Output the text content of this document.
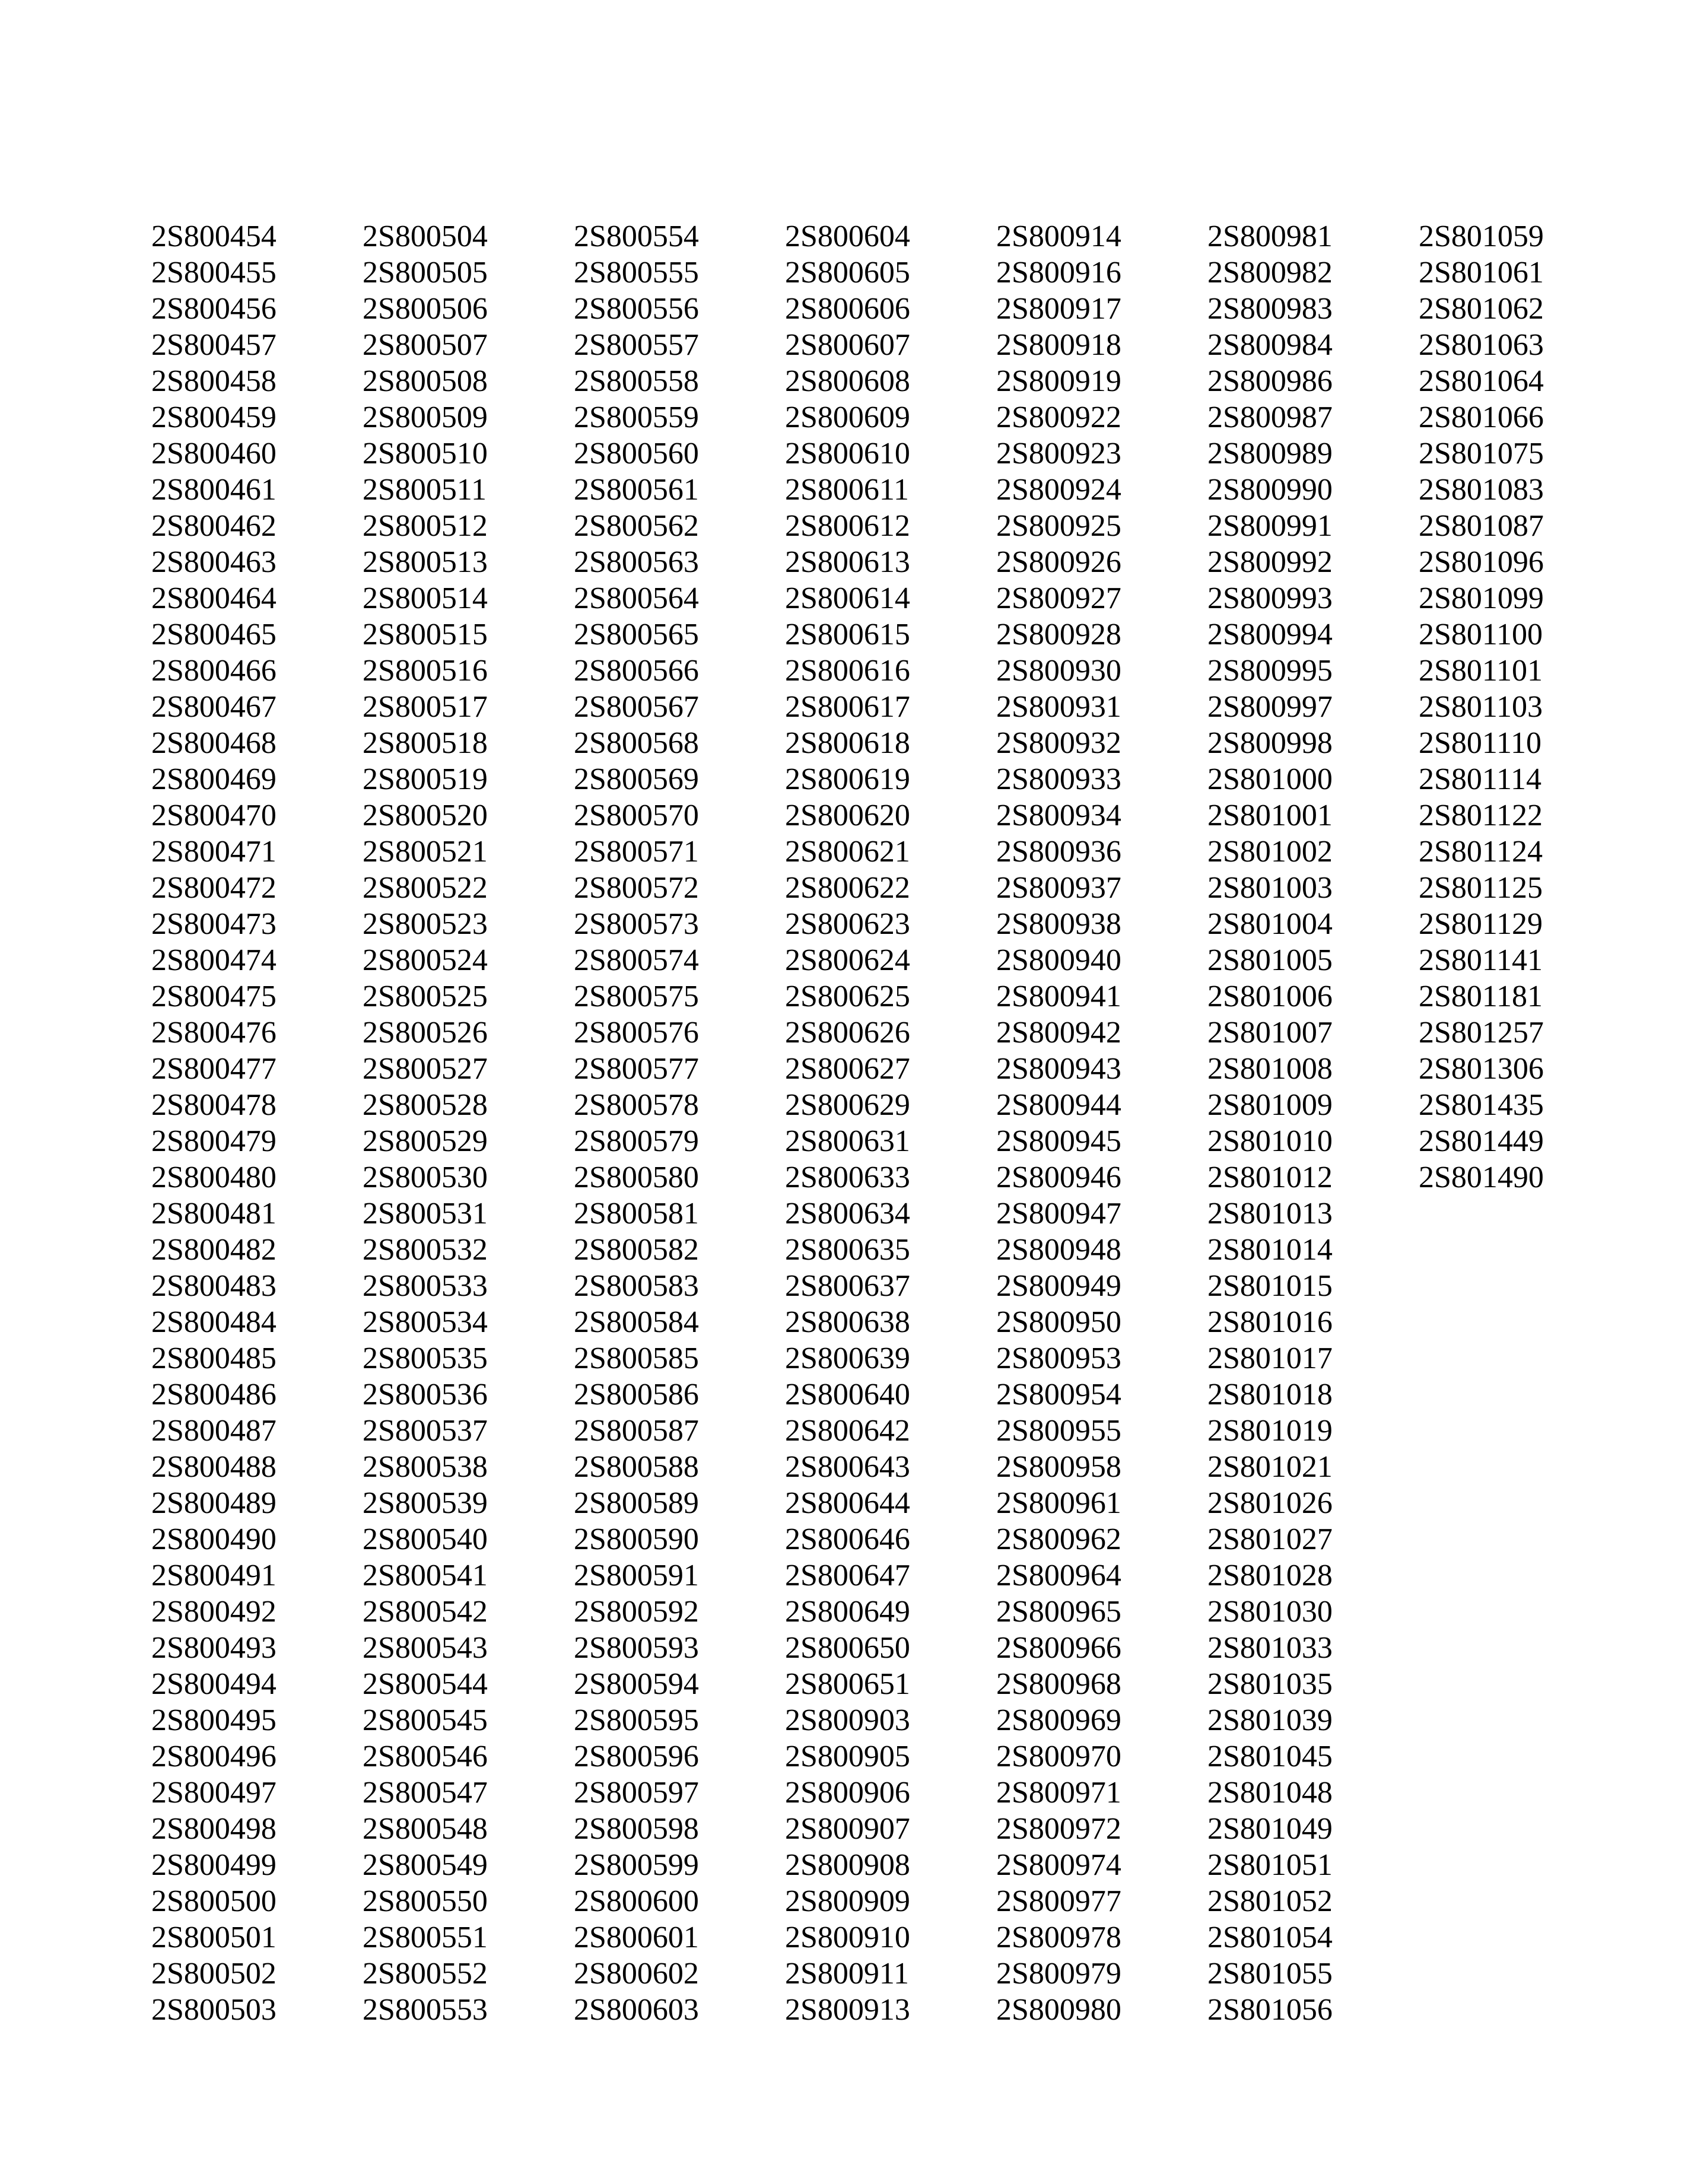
2S800454
2S800455
2S800456
2S800457
2S800458
2S800459
2S800460
2S800461
2S800462
2S800463
2S800464
2S800465
2S800466
2S800467
2S800468
2S800469
2S800470
2S800471
2S800472
2S800473
2S800474
2S800475
2S800476
2S800477
2S800478
2S800479
2S800480
2S800481
2S800482
2S800483
2S800484
2S800485
2S800486
2S800487
2S800488
2S800489
2S800490
2S800491
2S800492
2S800493
2S800494
2S800495
2S800496
2S800497
2S800498
2S800499
2S800500
2S800501
2S800502
2S800503
2S800504
2S800505
2S800506
2S800507
2S800508
2S800509
2S800510
2S800511
2S800512
2S800513
2S800514
2S800515
2S800516
2S800517
2S800518
2S800519
2S800520
2S800521
2S800522
2S800523
2S800524
2S800525
2S800526
2S800527
2S800528
2S800529
2S800530
2S800531
2S800532
2S800533
2S800534
2S800535
2S800536
2S800537
2S800538
2S800539
2S800540
2S800541
2S800542
2S800543
2S800544
2S800545
2S800546
2S800547
2S800548
2S800549
2S800550
2S800551
2S800552
2S800553
2S800554
2S800555
2S800556
2S800557
2S800558
2S800559
2S800560
2S800561
2S800562
2S800563
2S800564
2S800565
2S800566
2S800567
2S800568
2S800569
2S800570
2S800571
2S800572
2S800573
2S800574
2S800575
2S800576
2S800577
2S800578
2S800579
2S800580
2S800581
2S800582
2S800583
2S800584
2S800585
2S800586
2S800587
2S800588
2S800589
2S800590
2S800591
2S800592
2S800593
2S800594
2S800595
2S800596
2S800597
2S800598
2S800599
2S800600
2S800601
2S800602
2S800603
2S800604
2S800605
2S800606
2S800607
2S800608
2S800609
2S800610
2S800611
2S800612
2S800613
2S800614
2S800615
2S800616
2S800617
2S800618
2S800619
2S800620
2S800621
2S800622
2S800623
2S800624
2S800625
2S800626
2S800627
2S800629
2S800631
2S800633
2S800634
2S800635
2S800637
2S800638
2S800639
2S800640
2S800642
2S800643
2S800644
2S800646
2S800647
2S800649
2S800650
2S800651
2S800903
2S800905
2S800906
2S800907
2S800908
2S800909
2S800910
2S800911
2S800913
2S800914
2S800916
2S800917
2S800918
2S800919
2S800922
2S800923
2S800924
2S800925
2S800926
2S800927
2S800928
2S800930
2S800931
2S800932
2S800933
2S800934
2S800936
2S800937
2S800938
2S800940
2S800941
2S800942
2S800943
2S800944
2S800945
2S800946
2S800947
2S800948
2S800949
2S800950
2S800953
2S800954
2S800955
2S800958
2S800961
2S800962
2S800964
2S800965
2S800966
2S800968
2S800969
2S800970
2S800971
2S800972
2S800974
2S800977
2S800978
2S800979
2S800980
2S800981
2S800982
2S800983
2S800984
2S800986
2S800987
2S800989
2S800990
2S800991
2S800992
2S800993
2S800994
2S800995
2S800997
2S800998
2S801000
2S801001
2S801002
2S801003
2S801004
2S801005
2S801006
2S801007
2S801008
2S801009
2S801010
2S801012
2S801013
2S801014
2S801015
2S801016
2S801017
2S801018
2S801019
2S801021
2S801026
2S801027
2S801028
2S801030
2S801033
2S801035
2S801039
2S801045
2S801048
2S801049
2S801051
2S801052
2S801054
2S801055
2S801056
2S801059
2S801061
2S801062
2S801063
2S801064
2S801066
2S801075
2S801083
2S801087
2S801096
2S801099
2S801100
2S801101
2S801103
2S801110
2S801114
2S801122
2S801124
2S801125
2S801129
2S801141
2S801181
2S801257
2S801306
2S801435
2S801449
2S801490
